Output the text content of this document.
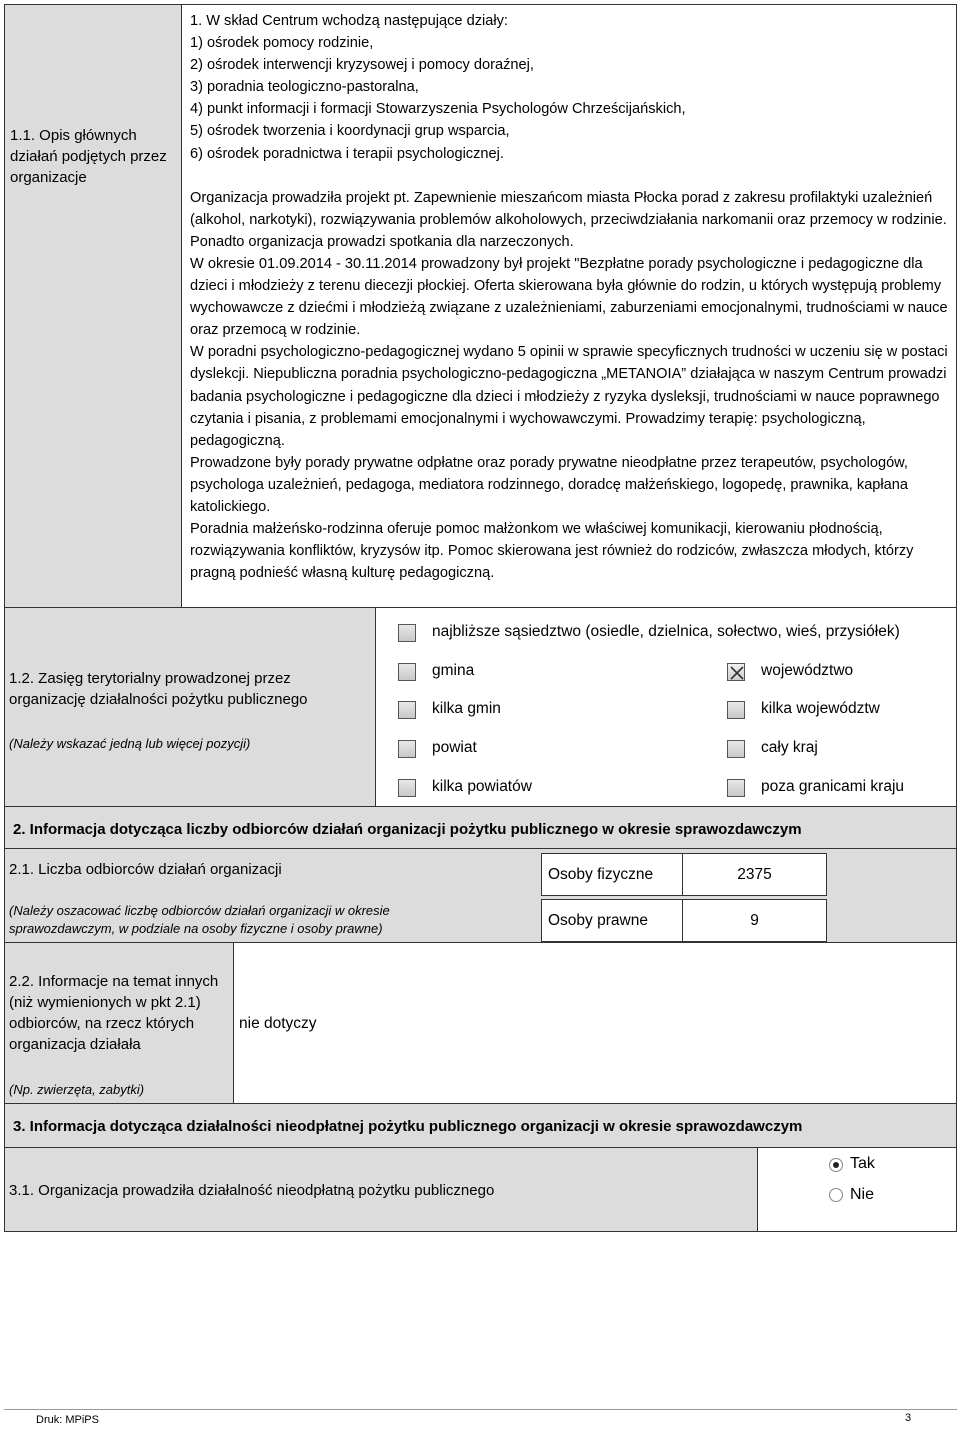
1.1. Opis głównych działań podjętych przez organizacje

1. W skład Centrum wchodzą następujące działy:

1) ośrodek pomocy rodzinie,

2) ośrodek interwencji kryzysowej i pomocy doraźnej,

3) poradnia teologiczno-pastoralna,

4) punkt informacji i formacji Stowarzyszenia Psychologów Chrześcijańskich,

5) ośrodek tworzenia i koordynacji grup wsparcia,

6) ośrodek poradnictwa i terapii psychologicznej.

Organizacja prowadziła projekt pt. Zapewnienie mieszańcom miasta Płocka porad z zakresu profilaktyki uzależnień (alkohol, narkotyki), rozwiązywania problemów alkoholowych, przeciwdziałania narkomanii oraz przemocy w rodzinie.

Ponadto organizacja prowadzi spotkania dla narzeczonych.

W okresie 01.09.2014 - 30.11.2014 prowadzony był projekt "Bezpłatne porady psychologiczne i pedagogiczne dla dzieci i młodzieży z terenu diecezji płockiej. Oferta skierowana była głównie do rodzin, u których występują problemy wychowawcze z dziećmi i młodzieżą związane z uzależnieniami, zaburzeniami emocjonalnymi, trudnościami w nauce oraz przemocą w rodzinie.

W poradni psychologiczno-pedagogicznej wydano 5 opinii w sprawie specyficznych trudności w uczeniu się w postaci dyslekcji. Niepubliczna poradnia psychologiczno-pedagogiczna „METANOIA” działająca w naszym Centrum prowadzi badania psychologiczne i pedagogiczne dla dzieci i młodzieży z ryzyka dysleksji, trudnościami w nauce poprawnego czytania i pisania, z problemami emocjonalnymi i wychowawczymi. Prowadzimy terapię: psychologiczną, pedagogiczną.

Prowadzone były porady prywatne odpłatne oraz porady prywatne nieodpłatne przez terapeutów, psychologów, psychologa uzależnień, pedagoga, mediatora rodzinnego, doradcę małżeńskiego, logopedę, prawnika, kapłana katolickiego.

Poradnia małżeńsko-rodzinna oferuje pomoc małżonkom we właściwej komunikacji, kierowaniu płodnością, rozwiązywania konfliktów, kryzysów itp. Pomoc skierowana jest również do rodziców, zwłaszcza młodych, którzy pragną podnieść własną kulturę pedagogiczną.

1.2. Zasięg terytorialny prowadzonej przez organizację działalności pożytku publicznego
(Należy wskazać jedną lub więcej pozycji)
najbliższe sąsiedztwo (osiedle, dzielnica, sołectwo, wieś, przysiółek)
gmina
kilka gmin
powiat
kilka powiatów
województwo
kilka województw
cały kraj
poza granicami kraju
2. Informacja dotycząca liczby odbiorców działań organizacji pożytku publicznego w okresie sprawozdawczym
2.1. Liczba odbiorców działań organizacji
(Należy oszacować liczbę odbiorców działań organizacji w okresie sprawozdawczym, w podziale na osoby fizyczne i osoby prawne)
Osoby fizyczne	2375
Osoby prawne	9
2.2. Informacje na temat innych (niż wymienionych w pkt 2.1) odbiorców, na rzecz których organizacja działała
(Np. zwierzęta, zabytki)
nie dotyczy
3. Informacja dotycząca działalności nieodpłatnej pożytku publicznego organizacji w okresie sprawozdawczym
3.1. Organizacja prowadziła działalność nieodpłatną pożytku publicznego
Tak
Nie
Druk: MPiPS	3
